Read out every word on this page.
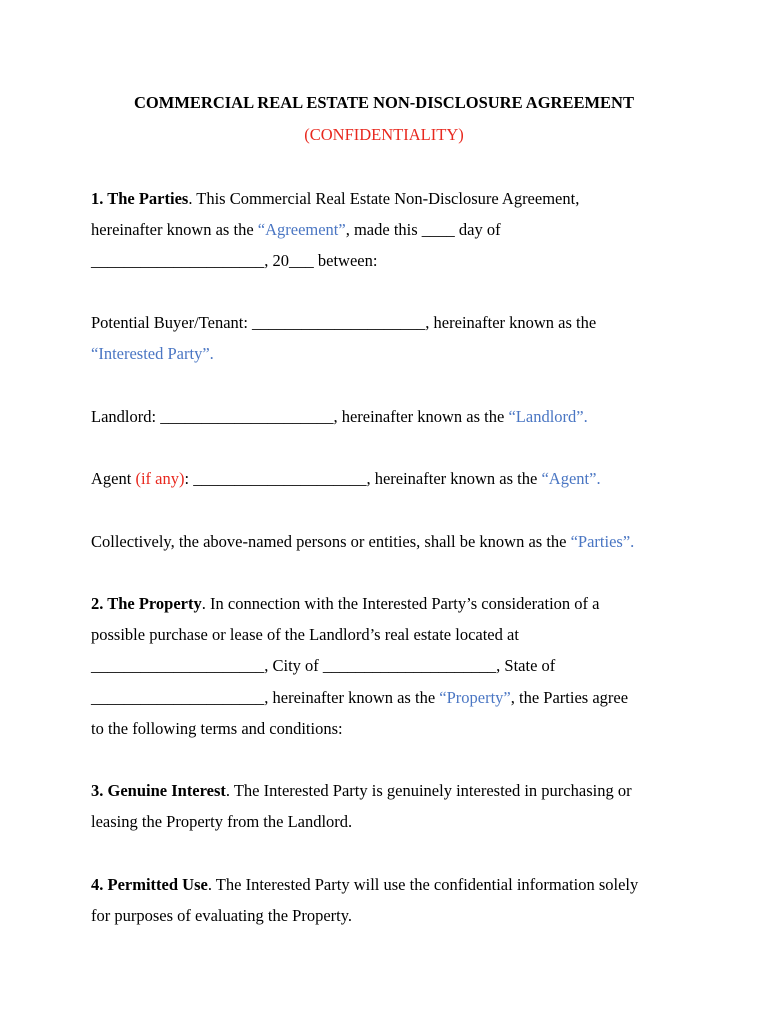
COMMERCIAL REAL ESTATE NON-DISCLOSURE AGREEMENT
(CONFIDENTIALITY)
1. The Parties. This Commercial Real Estate Non-Disclosure Agreement,
hereinafter known as the “Agreement”, made this ____ day of
_____________________, 20___ between:
Potential Buyer/Tenant: _____________________, hereinafter known as the
“Interested Party”.
Landlord: _____________________, hereinafter known as the “Landlord”.
Agent (if any): _____________________, hereinafter known as the “Agent”.
Collectively, the above-named persons or entities, shall be known as the “Parties”.
2. The Property. In connection with the Interested Party’s consideration of a
possible purchase or lease of the Landlord’s real estate located at
_____________________, City of _____________________, State of
_____________________, hereinafter known as the “Property”, the Parties agree
to the following terms and conditions:
3. Genuine Interest. The Interested Party is genuinely interested in purchasing or
leasing the Property from the Landlord.
4. Permitted Use. The Interested Party will use the confidential information solely
for purposes of evaluating the Property.
